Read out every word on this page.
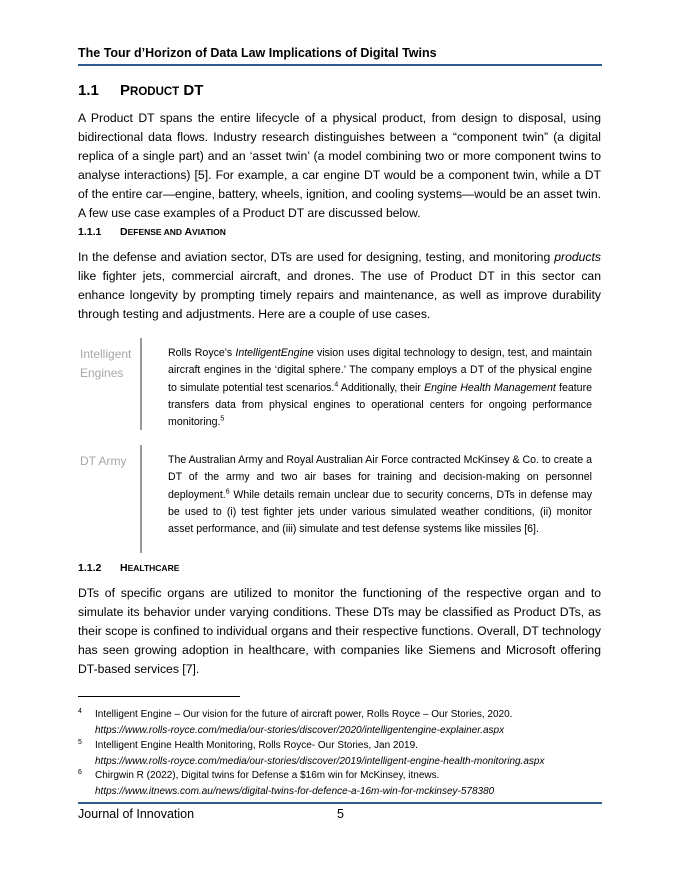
The Tour d’Horizon of Data Law Implications of Digital Twins
1.1 PRODUCT DT

A Product DT spans the entire lifecycle of a physical product, from design to disposal, using bidirectional data flows. Industry research distinguishes between a “component twin” (a digital replica of a single part) and an ‘asset twin’ (a model combining two or more component twins to analyse interactions) [5]. For example, a car engine DT would be a component twin, while a DT of the entire car—engine, battery, wheels, ignition, and cooling systems—would be an asset twin. A few use case examples of a Product DT are discussed below.

1.1.1 DEFENSE AND AVIATION

In the defense and aviation sector, DTs are used for designing, testing, and monitoring products like fighter jets, commercial aircraft, and drones. The use of Product DT in this sector can enhance longevity by prompting timely repairs and maintenance, as well as improve durability through testing and adjustments. Here are a couple of use cases.

Intelligent Engines

Rolls Royce's IntelligentEngine vision uses digital technology to design, test, and maintain aircraft engines in the ‘digital sphere.’ The company employs a DT of the physical engine to simulate potential test scenarios.$^4$ Additionally, their Engine Health Management feature transfers data from physical engines to operational centers for ongoing performance monitoring.$^5$

DT Army	The Australian Army and Royal Australian Air Force contracted McKinsey & Co. to create a DT of the army and two air bases for training and decision-making on personnel deployment.$^6$ While details remain unclear due to security concerns, DTs in defense may be used to (i) test fighter jets under various simulated weather conditions, (ii) monitor asset performance, and (iii) simulate and test defense systems like missiles [6].

1.1.2 HEALTHCARE

DTs of specific organs are utilized to monitor the functioning of the respective organ and to simulate its behavior under varying conditions. These DTs may be classified as Product DTs, as their scope is confined to individual organs and their respective functions. Overall, DT technology has seen growing adoption in healthcare, with companies like Siemens and Microsoft offering DT-based services [7].

4 Intelligent Engine – Our vision for the future of aircraft power, Rolls Royce – Our Stories, 2020.
https://www.rolls-royce.com/media/our-stories/discover/2020/intelligentengine-explainer.aspx
5 Intelligent Engine Health Monitoring, Rolls Royce- Our Stories, Jan 2019.
https://www.rolls-royce.com/media/our-stories/discover/2019/intelligent-engine-health-monitoring.aspx
6 Chirgwin R (2022), Digital twins for Defense a $16m win for McKinsey, itnews.
https://www.itnews.com.au/news/digital-twins-for-defence-a-16m-win-for-mckinsey-578380
Journal of Innovation	5
